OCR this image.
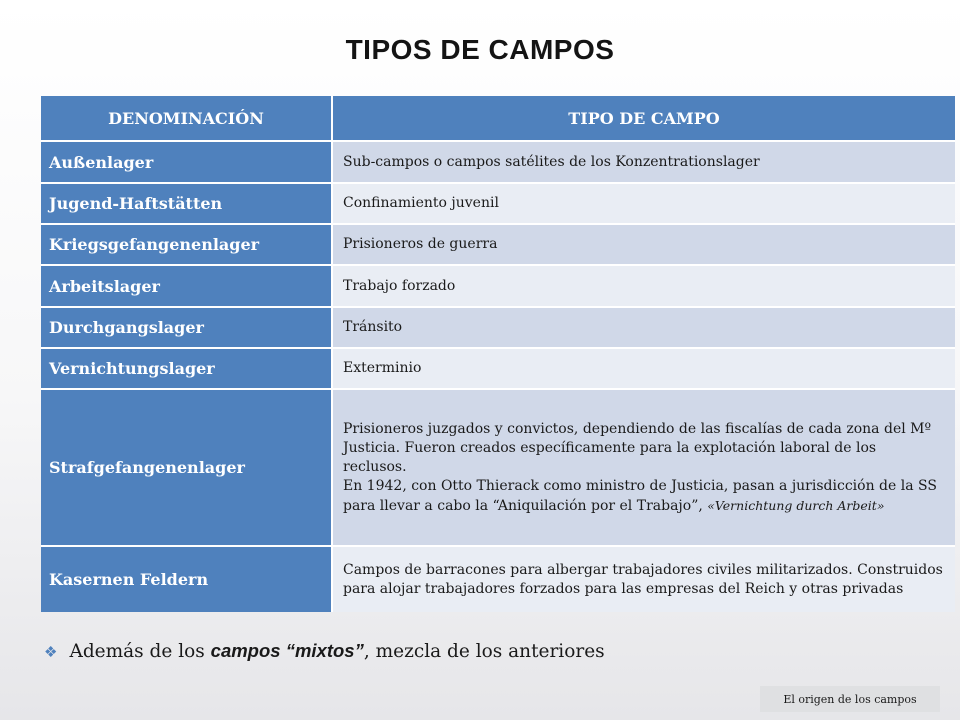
TIPOS DE CAMPOS
DENOMINACIÓN	TIPO DE CAMPO
Außenlager	Sub-campos o campos satélites de los Konzentrationslager
Jugend-Haftstätten	Confinamiento juvenil
Kriegsgefangenenlager	Prisioneros de guerra
Arbeitslager	Trabajo forzado
Durchgangslager	Tránsito
Vernichtungslager	Exterminio
Strafgefangenenlager	Prisioneros juzgados y convictos, dependiendo de las fiscalías de cada zona del Mº Justicia. Fueron creados específicamente para la explotación laboral de los reclusos.
En 1942, con Otto Thierack como ministro de Justicia, pasan a jurisdicción de la SS para llevar a cabo la “Aniquilación por el Trabajo”, «Vernichtung durch Arbeit»

Kasernen Feldern	Campos de barracones para albergar trabajadores civiles militarizados. Construidos para alojar trabajadores forzados para las empresas del Reich y otras privadas
❖ Además de los campos “mixtos”, mezcla de los anteriores
El origen de los campos
